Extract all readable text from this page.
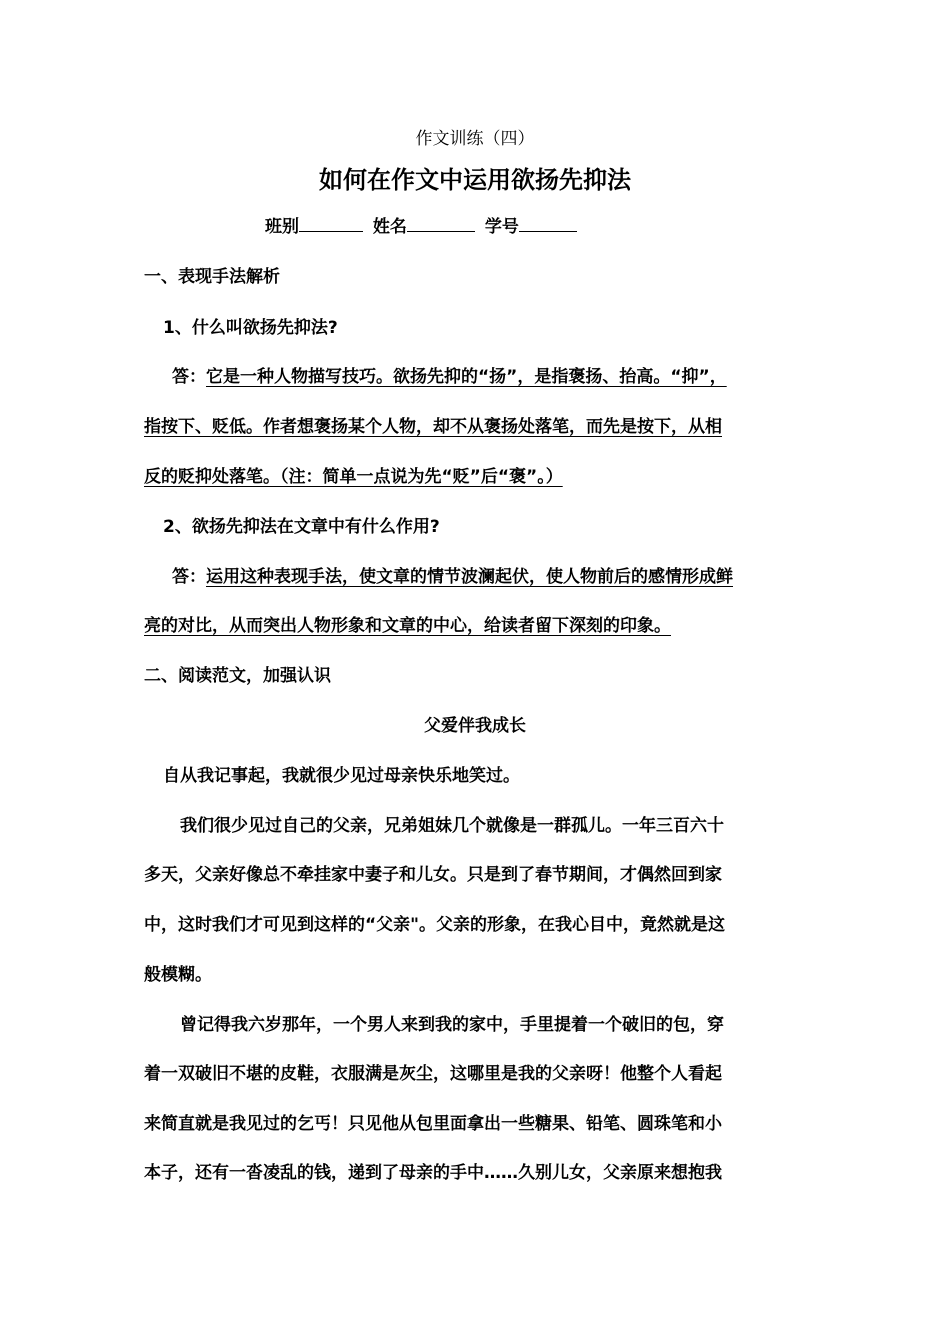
作文训练（四）
如何在作文中运用欲扬先抑法
班别	姓名	学号
一、表现手法解析
1、什么叫欲扬先抑法?
答：它是一种人物描写技巧。欲扬先抑的“扬”，是指褒扬、抬高。“抑”，
指按下、贬低。作者想褒扬某个人物，却不从褒扬处落笔，而先是按下，从相
反的贬抑处落笔。（注：简单一点说为先“贬”后“褒”。）
2、欲扬先抑法在文章中有什么作用?
答：运用这种表现手法，使文章的情节波澜起伏，使人物前后的感情形成鲜
亮的对比，从而突出人物形象和文章的中心，给读者留下深刻的印象。
二、阅读范文，加强认识
父爱伴我成长
自从我记事起，我就很少见过母亲快乐地笑过。
我们很少见过自己的父亲，兄弟姐妹几个就像是一群孤儿。一年三百六十
多天，父亲好像总不牵挂家中妻子和儿女。只是到了春节期间，才偶然回到家
中，这时我们才可见到这样的“父亲"。父亲的形象，在我心目中，竟然就是这
般模糊。
曾记得我六岁那年，一个男人来到我的家中，手里提着一个破旧的包，穿
着一双破旧不堪的皮鞋，衣服满是灰尘，这哪里是我的父亲呀！他整个人看起
来简直就是我见过的乞丐！只见他从包里面拿出一些糖果、铅笔、圆珠笔和小
本子，还有一沓凌乱的钱，递到了母亲的手中……久别儿女，父亲原来想抱我
